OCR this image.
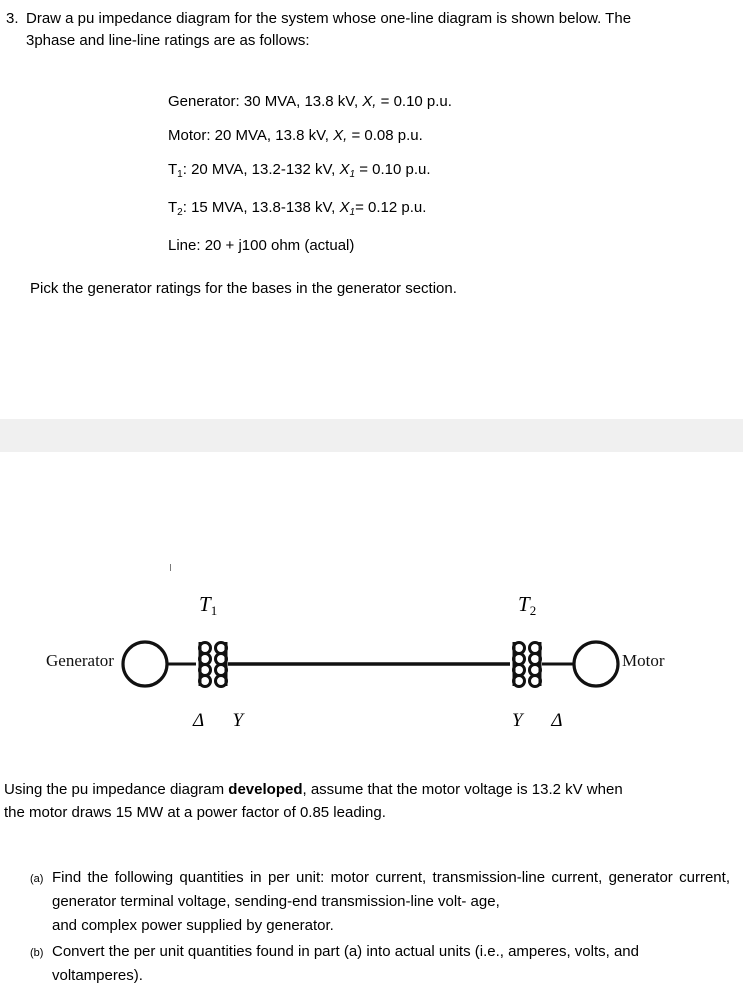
3. Draw a pu impedance diagram for the system whose one-line diagram is shown below. The
3phase and line-line ratings are as follows:
Generator: 30 MVA, 13.8 kV, X, = 0.10 p.u.
Motor: 20 MVA, 13.8 kV, X, = 0.08 p.u.
$T_1$: 20 MVA, 13.2-132 kV, $X_1 = 0.10$ p.u.
$T_2$: 15 MVA, 13.8-138 kV, $X_1= 0.12$ p.u.
Line: 20 + j100 ohm (actual)
Pick the generator ratings for the bases in the generator section.
$T_1$	$T_2$
Generator	Motor
Δ Y	Y Δ
Using the pu impedance diagram developed, assume that the motor voltage is 13.2 kV when
the motor draws 15 MW at a power factor of 0.85 leading.
(a) Find the following quantities in per unit: motor current, transmission-line current, generator current, generator terminal voltage, sending-end transmission-line volt- age,
and complex power supplied by generator.
(b) Convert the per unit quantities found in part (a) into actual units (i.e., amperes, volts, and
voltamperes).
